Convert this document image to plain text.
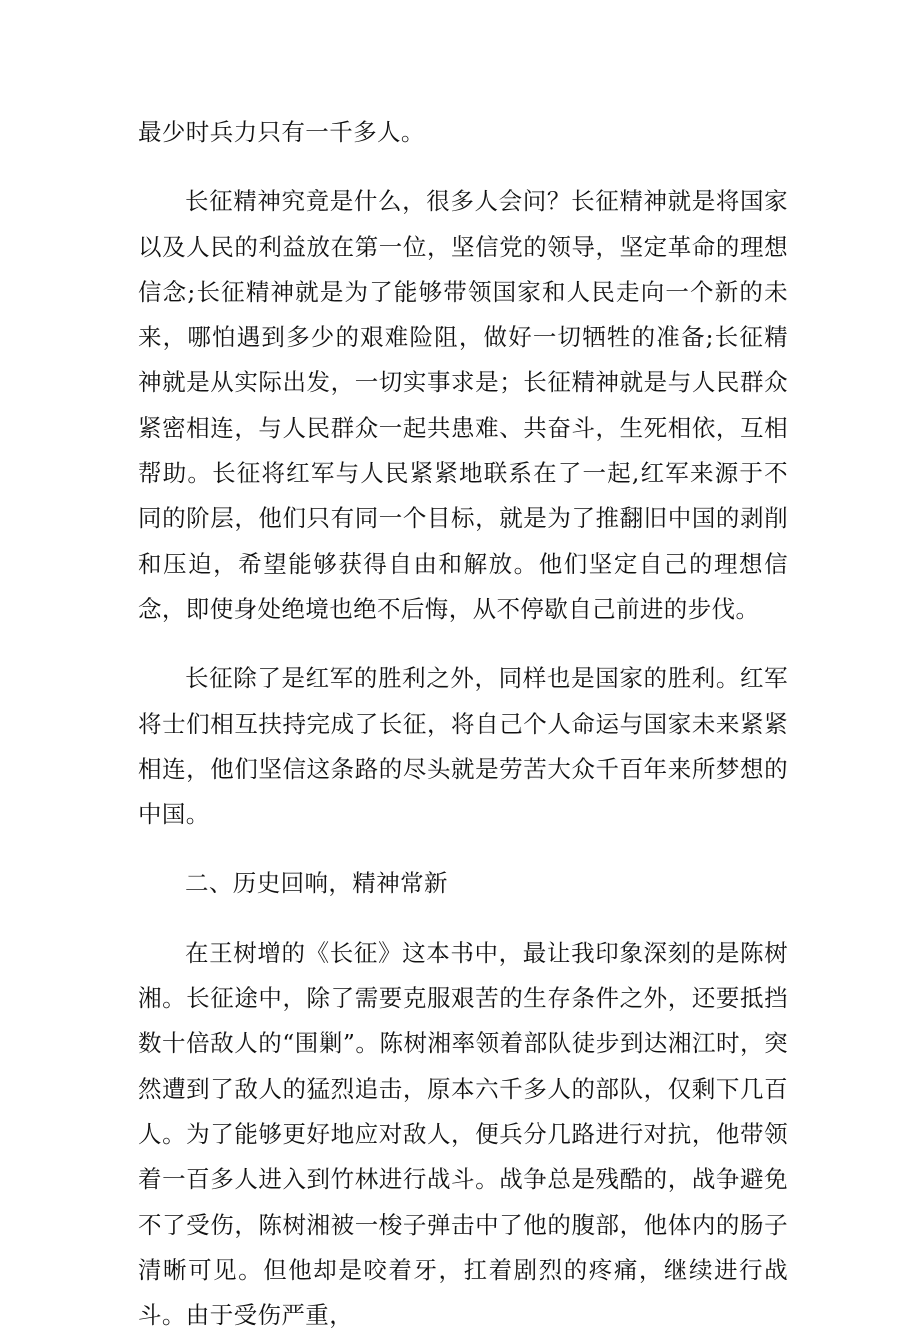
最少时兵力只有一千多人。

长征精神究竟是什么，很多人会问？长征精神就是将国家以及人民的利益放在第一位，坚信党的领导，坚定革命的理想信念;长征精神就是为了能够带领国家和人民走向一个新的未来，哪怕遇到多少的艰难险阻，做好一切牺牲的准备;长征精神就是从实际出发，一切实事求是；长征精神就是与人民群众紧密相连，与人民群众一起共患难、共奋斗，生死相依，互相帮助。长征将红军与人民紧紧地联系在了一起,红军来源于不同的阶层，他们只有同一个目标，就是为了推翻旧中国的剥削和压迫，希望能够获得自由和解放。他们坚定自己的理想信念，即使身处绝境也绝不后悔，从不停歇自己前进的步伐。

长征除了是红军的胜利之外，同样也是国家的胜利。红军将士们相互扶持完成了长征，将自己个人命运与国家未来紧紧相连，他们坚信这条路的尽头就是劳苦大众千百年来所梦想的中国。

二、历史回响，精神常新

在王树增的《长征》这本书中，最让我印象深刻的是陈树湘。长征途中，除了需要克服艰苦的生存条件之外，还要抵挡数十倍敌人的“围剿”。陈树湘率领着部队徒步到达湘江时，突然遭到了敌人的猛烈追击，原本六千多人的部队，仅剩下几百人。为了能够更好地应对敌人，便兵分几路进行对抗，他带领着一百多人进入到竹林进行战斗。战争总是残酷的，战争避免不了受伤，陈树湘被一梭子弹击中了他的腹部，他体内的肠子清晰可见。但他却是咬着牙，扛着剧烈的疼痛，继续进行战斗。由于受伤严重，
